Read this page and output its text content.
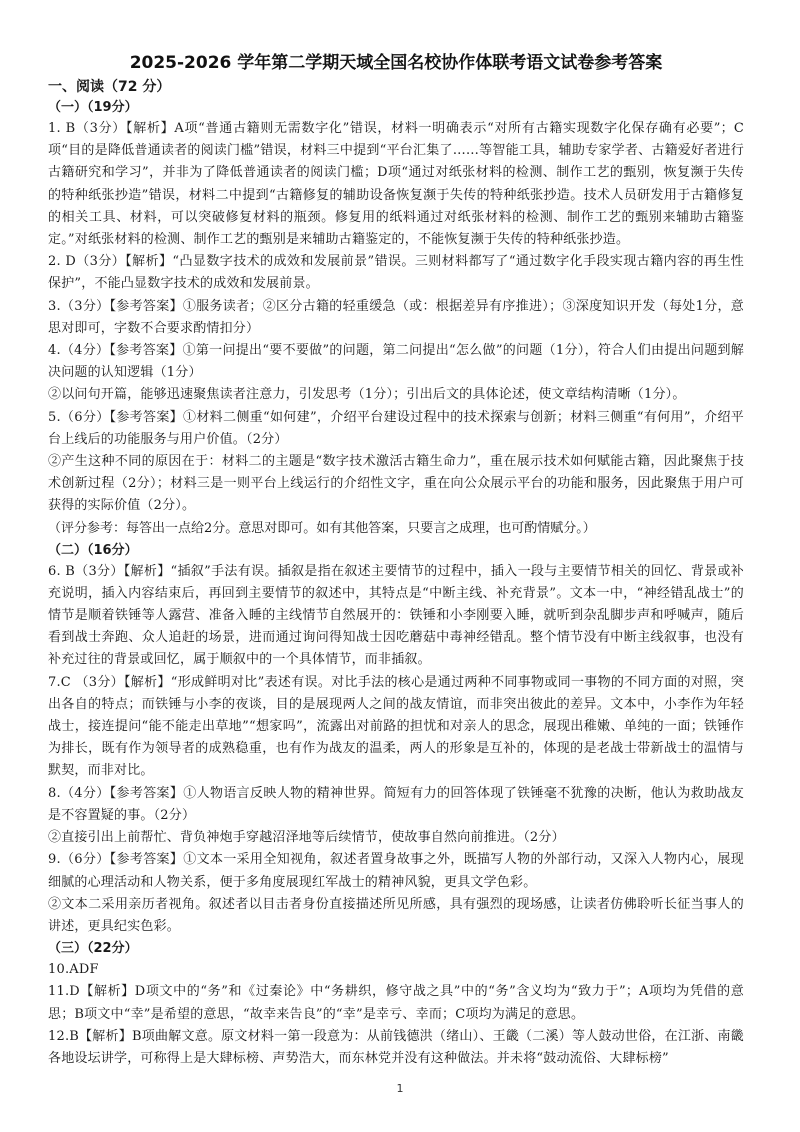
2025-2026 学年第二学期天域全国名校协作体联考语文试卷参考答案

一、阅读（72 分）

（一）（19分）

1. B（3分）【解析】A项“普通古籍则无需数字化”错误，材料一明确表示“对所有古籍实现数字化保存确有必要”；C项“目的是降低普通读者的阅读门槛”错误，材料三中提到“平台汇集了……等智能工具，辅助专家学者、古籍爱好者进行古籍研究和学习”，并非为了降低普通读者的阅读门槛；D项“通过对纸张材料的检测、制作工艺的甄别，恢复濒于失传的特种纸张抄造”错误，材料二中提到“古籍修复的辅助设备恢复濒于失传的特种纸张抄造。技术人员研发用于古籍修复的相关工具、材料，可以突破修复材料的瓶颈。修复用的纸料通过对纸张材料的检测、制作工艺的甄别来辅助古籍鉴定。”对纸张材料的检测、制作工艺的甄别是来辅助古籍鉴定的，不能恢复濒于失传的特种纸张抄造。

2. D（3分）【解析】“凸显数字技术的成效和发展前景”错误。三则材料都写了“通过数字化手段实现古籍内容的再生性保护”，不能凸显数字技术的成效和发展前景。

3.（3分）【参考答案】①服务读者；②区分古籍的轻重缓急（或：根据差异有序推进）；③深度知识开发（每处1分，意思对即可，字数不合要求酌情扣分）

4.（4分）【参考答案】①第一问提出“要不要做”的问题，第二问提出“怎么做”的问题（1分），符合人们由提出问题到解决问题的认知逻辑（1分）

②以问句开篇，能够迅速聚焦读者注意力，引发思考（1分）；引出后文的具体论述，使文章结构清晰（1分）。

5.（6分）【参考答案】①材料二侧重“如何建”，介绍平台建设过程中的技术探索与创新；材料三侧重“有何用”，介绍平台上线后的功能服务与用户价值。（2分）

②产生这种不同的原因在于：材料二的主题是“数字技术激活古籍生命力”，重在展示技术如何赋能古籍，因此聚焦于技术创新过程（2分）；材料三是一则平台上线运行的介绍性文字，重在向公众展示平台的功能和服务，因此聚焦于用户可获得的实际价值（2分）。

（评分参考：每答出一点给2分。意思对即可。如有其他答案，只要言之成理，也可酌情赋分。）

（二）（16分）

6. B（3分）【解析】“插叙”手法有误。插叙是指在叙述主要情节的过程中，插入一段与主要情节相关的回忆、背景或补充说明，插入内容结束后，再回到主要情节的叙述中，其特点是“中断主线、补充背景”。文本一中，“神经错乱战士”的情节是顺着铁锤等人露营、准备入睡的主线情节自然展开的：铁锤和小李刚要入睡，就听到杂乱脚步声和呼喊声，随后看到战士奔跑、众人追赶的场景，进而通过询问得知战士因吃蘑菇中毒神经错乱。整个情节没有中断主线叙事，也没有补充过往的背景或回忆，属于顺叙中的一个具体情节，而非插叙。

7.C （3分）【解析】“形成鲜明对比”表述有误。对比手法的核心是通过两种不同事物或同一事物的不同方面的对照，突出各自的特点；而铁锤与小李的夜谈，目的是展现两人之间的战友情谊，而非突出彼此的差异。文本中，小李作为年轻战士，接连提问“能不能走出草地”“想家吗”，流露出对前路的担忧和对亲人的思念，展现出稚嫩、单纯的一面；铁锤作为排长，既有作为领导者的成熟稳重，也有作为战友的温柔，两人的形象是互补的，体现的是老战士带新战士的温情与默契，而非对比。

8.（4分）【参考答案】①人物语言反映人物的精神世界。简短有力的回答体现了铁锤毫不犹豫的决断，他认为救助战友是不容置疑的事。（2分）

②直接引出上前帮忙、背负神炮手穿越沼泽地等后续情节，使故事自然向前推进。（2分）

9.（6分）【参考答案】①文本一采用全知视角，叙述者置身故事之外，既描写人物的外部行动，又深入人物内心，展现细腻的心理活动和人物关系，便于多角度展现红军战士的精神风貌，更具文学色彩。

②文本二采用亲历者视角。叙述者以目击者身份直接描述所见所感，具有强烈的现场感，让读者仿佛聆听长征当事人的讲述，更具纪实色彩。

（三）（22分）

10.ADF

11.D【解析】D项文中的“务”和《过秦论》中“务耕织，修守战之具”中的“务”含义均为“致力于”；A项均为凭借的意思；B项文中“幸”是希望的意思，“故幸来告良”的“幸”是幸亏、幸而；C项均为满足的意思。

12.B【解析】B项曲解文意。原文材料一第一段意为：从前钱德洪（绪山）、王畿（二溪）等人鼓动世俗，在江浙、南畿各地设坛讲学，可称得上是大肆标榜、声势浩大，而东林党并没有这种做法。并未将“鼓动流俗、大肆标榜”

1
